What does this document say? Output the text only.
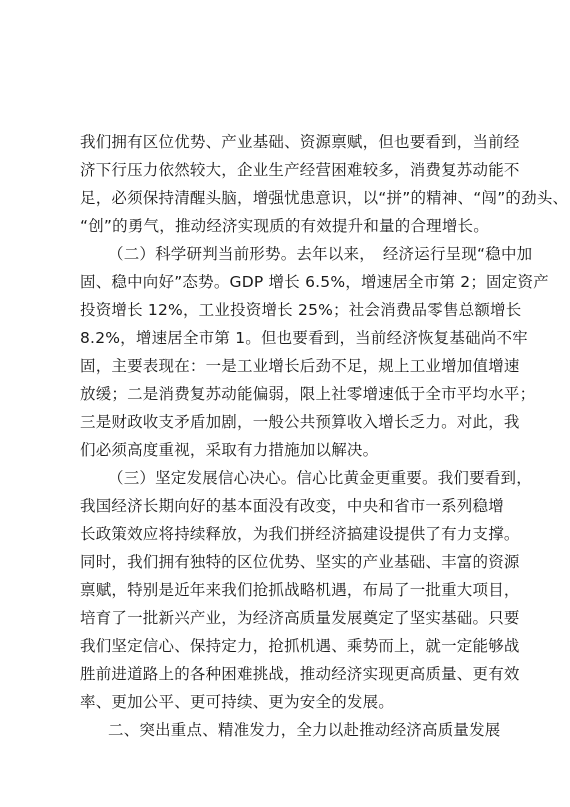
我们拥有区位优势、产业基础、资源禀赋，但也要看到，当前经
济下行压力依然较大，企业生产经营困难较多，消费复苏动能不
足，必须保持清醒头脑，增强忧患意识，以“拼”的精神、“闯”的劲头、
“创”的勇气，推动经济实现质的有效提升和量的合理增长。
（二）科学研判当前形势。去年以来，　经济运行呈现“稳中加
固、稳中向好”态势。GDP 增长 6.5%，增速居全市第 2；固定资产
投资增长 12%，工业投资增长 25%；社会消费品零售总额增长
8.2%，增速居全市第 1。但也要看到，当前经济恢复基础尚不牢
固，主要表现在：一是工业增长后劲不足，规上工业增加值增速
放缓；二是消费复苏动能偏弱，限上社零增速低于全市平均水平；
三是财政收支矛盾加剧，一般公共预算收入增长乏力。对此，我
们必须高度重视，采取有力措施加以解决。
（三）坚定发展信心决心。信心比黄金更重要。我们要看到，
我国经济长期向好的基本面没有改变，中央和省市一系列稳增
长政策效应将持续释放，为我们拼经济搞建设提供了有力支撑。
同时，我们拥有独特的区位优势、坚实的产业基础、丰富的资源
禀赋，特别是近年来我们抢抓战略机遇，布局了一批重大项目，
培育了一批新兴产业，为经济高质量发展奠定了坚实基础。只要
我们坚定信心、保持定力，抢抓机遇、乘势而上，就一定能够战
胜前进道路上的各种困难挑战，推动经济实现更高质量、更有效
率、更加公平、更可持续、更为安全的发展。
二、突出重点、精准发力，全力以赴推动经济高质量发展
